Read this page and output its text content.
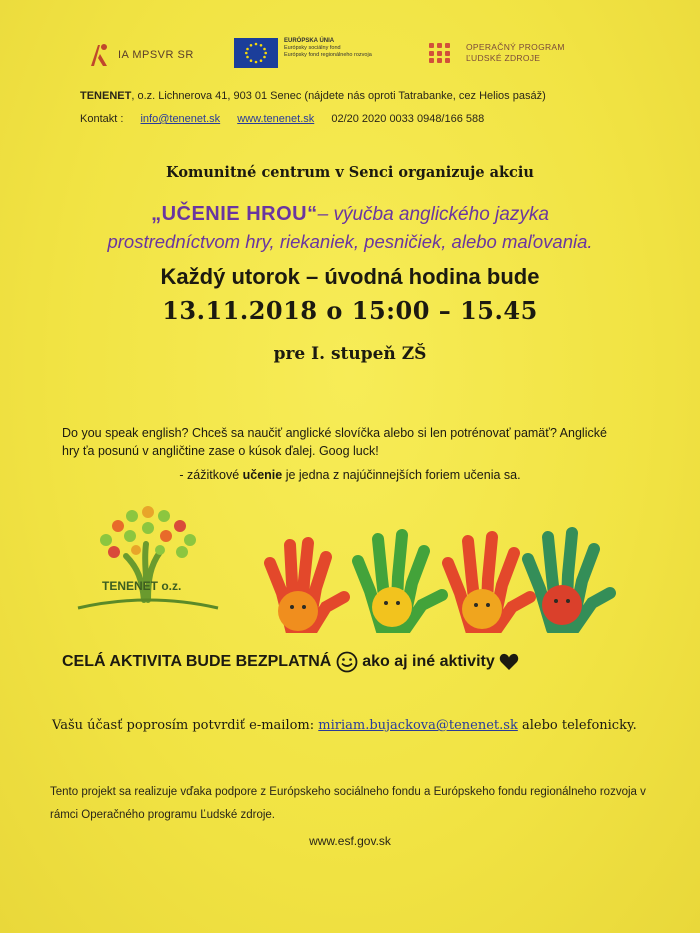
IA MPSVR SR
EURÓPSKA ÚNIA
Európsky sociálny fond
Európsky fond regionálneho rozvoja
OPERAČNÝ PROGRAM
ĽUDSKÉ ZDROJE
TENENET, o.z. Lichnerova 41, 903 01 Senec (nájdete nás oproti Tatrabanke, cez Helios pasáž)
Kontakt : info@tenenet.sk www.tenenet.sk 02/20 2020 0033 0948/166 588
Komunitné centrum v Senci organizuje akciu
„UČENIE HROU“– výučba anglického jazyka
prostredníctvom hry, riekaniek, pesničiek, alebo maľovania.
Každý utorok – úvodná hodina bude
13.11.2018 o 15:00 – 15.45
pre I. stupeň ZŠ
Do you speak english? Chceš sa naučiť anglické slovíčka alebo si len potrénovať pamäť? Anglické hry ťa posunú v angličtine zase o kúsok ďalej. Goog luck!
- zážitkové učenie je jedna z najúčinnejších foriem učenia sa.
TENENET o.z.
CELÁ AKTIVITA BUDE BEZPLATNÁ ako aj iné aktivity
Vašu účasť poprosím potvrdiť e-mailom: miriam.bujackova@tenenet.sk alebo telefonicky.
Tento projekt sa realizuje vďaka podpore z Európskeho sociálneho fondu a Európskeho fondu regionálneho rozvoja v rámci Operačného programu Ľudské zdroje.
www.esf.gov.sk
